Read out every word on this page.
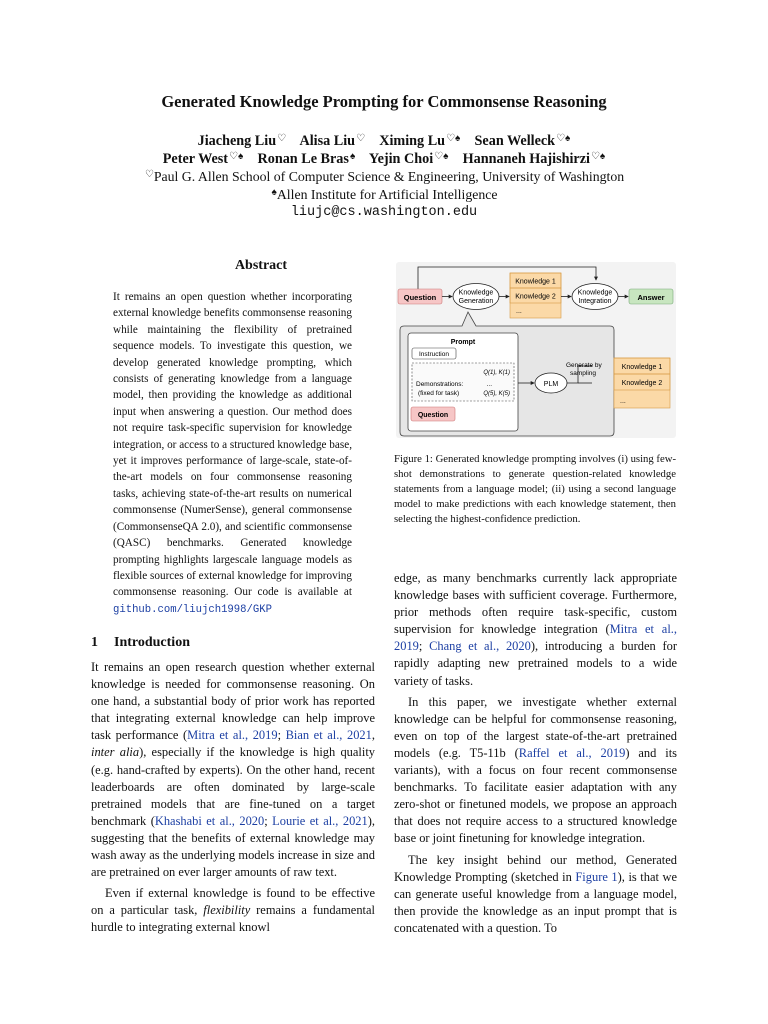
Generated Knowledge Prompting for Commonsense Reasoning
Jiacheng Liu♡ Alisa Liu♡ Ximing Lu♡♠ Sean Welleck♡♠
Peter West♡♠ Ronan Le Bras♠ Yejin Choi♡♠ Hannaneh Hajishirzi♡♠
♡Paul G. Allen School of Computer Science & Engineering, University of Washington
♠Allen Institute for Artificial Intelligence
liujc@cs.washington.edu
Abstract
It remains an open question whether incorporating external knowledge benefits commonsense reasoning while maintaining the flexibility of pretrained sequence models. To investigate this question, we develop generated knowledge prompting, which consists of generating knowledge from a language model, then providing the knowledge as additional input when answering a question. Our method does not require task-specific supervision for knowledge integration, or access to a structured knowledge base, yet it improves performance of large-scale, state-of-the-art models on four commonsense reasoning tasks, achieving state-of-the-art results on numerical commonsense (NumerSense), general commonsense (CommonsenseQA 2.0), and scientific commonsense (QASC) benchmarks. Generated knowledge prompting highlights largescale language models as flexible sources of external knowledge for improving commonsense reasoning. Our code is available at github.com/liujch1998/GKP
Question	Knowledge
Generation
Knowledge 1
Knowledge 2
...
Knowledge
Integration	Answer
Prompt
Instruction
Demonstrations:
(fixed for task)
Q(1), K(1)
...
Q(5), K(5)
Question
PLM
Generate by
sampling
Knowledge 1
Knowledge 2
...
Figure 1: Generated knowledge prompting involves (i) using few-shot demonstrations to generate question-related knowledge statements from a language model; (ii) using a second language model to make predictions with each knowledge statement, then selecting the highest-confidence prediction.
1 Introduction

It remains an open research question whether external knowledge is needed for commonsense reasoning. On one hand, a substantial body of prior work has reported that integrating external knowledge can help improve task performance (Mitra et al., 2019; Bian et al., 2021, inter alia), especially if the knowledge is high quality (e.g. hand-crafted by experts). On the other hand, recent leaderboards are often dominated by large-scale pretrained models that are fine-tuned on a target benchmark (Khashabi et al., 2020; Lourie et al., 2021), suggesting that the benefits of external knowledge may wash away as the underlying models increase in size and are pretrained on ever larger amounts of raw text.

Even if external knowledge is found to be effective on a particular task, flexibility remains a fundamental hurdle to integrating external knowl

edge, as many benchmarks currently lack appropriate knowledge bases with sufficient coverage. Furthermore, prior methods often require task-specific, custom supervision for knowledge integration (Mitra et al., 2019; Chang et al., 2020), introducing a burden for rapidly adapting new pretrained models to a wide variety of tasks.

In this paper, we investigate whether external knowledge can be helpful for commonsense reasoning, even on top of the largest state-of-the-art pretrained models (e.g. T5-11b (Raffel et al., 2019) and its variants), with a focus on four recent commonsense benchmarks. To facilitate easier adaptation with any zero-shot or finetuned models, we propose an approach that does not require access to a structured knowledge base or joint finetuning for knowledge integration.

The key insight behind our method, Generated Knowledge Prompting (sketched in Figure 1), is that we can generate useful knowledge from a language model, then provide the knowledge as an input prompt that is concatenated with a question. To
